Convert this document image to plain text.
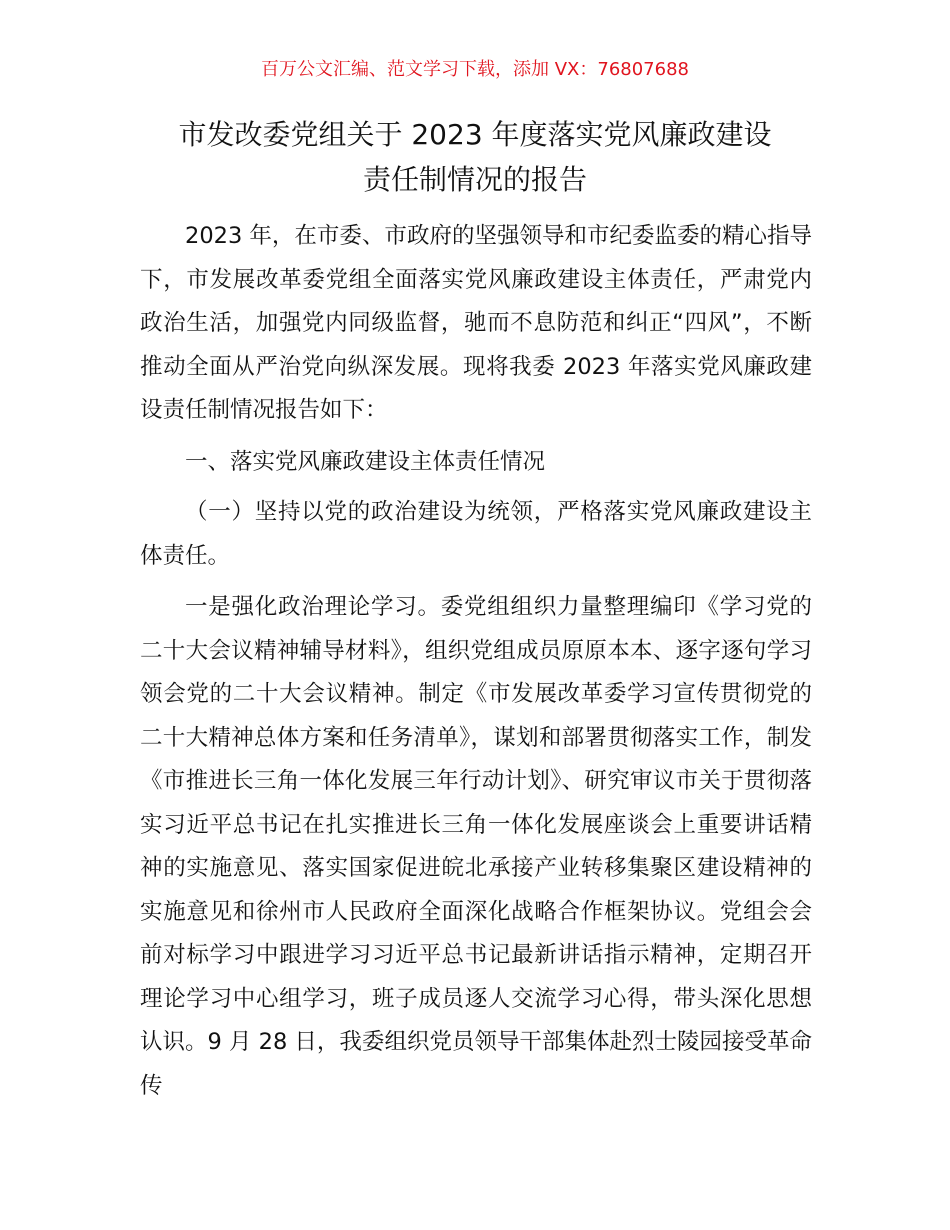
百万公文汇编、范文学习下载，添加 VX：76807688
市发改委党组关于 2023 年度落实党风廉政建设
责任制情况的报告

2023 年，在市委、市政府的坚强领导和市纪委监委的精心指导下，市发展改革委党组全面落实党风廉政建设主体责任，严肃党内政治生活，加强党内同级监督，驰而不息防范和纠正“四风”，不断推动全面从严治党向纵深发展。现将我委 2023 年落实党风廉政建设责任制情况报告如下：

一、落实党风廉政建设主体责任情况

（一）坚持以党的政治建设为统领，严格落实党风廉政建设主体责任。

一是强化政治理论学习。委党组组织力量整理编印《学习党的二十大会议精神辅导材料》，组织党组成员原原本本、逐字逐句学习领会党的二十大会议精神。制定《市发展改革委学习宣传贯彻党的二十大精神总体方案和任务清单》，谋划和部署贯彻落实工作，制发《市推进长三角一体化发展三年行动计划》、研究审议市关于贯彻落实习近平总书记在扎实推进长三角一体化发展座谈会上重要讲话精神的实施意见、落实国家促进皖北承接产业转移集聚区建设精神的实施意见和徐州市人民政府全面深化战略合作框架协议。党组会会前对标学习中跟进学习习近平总书记最新讲话指示精神，定期召开理论学习中心组学习，班子成员逐人交流学习心得，带头深化思想认识。9 月 28 日，我委组织党员领导干部集体赴烈士陵园接受革命传
